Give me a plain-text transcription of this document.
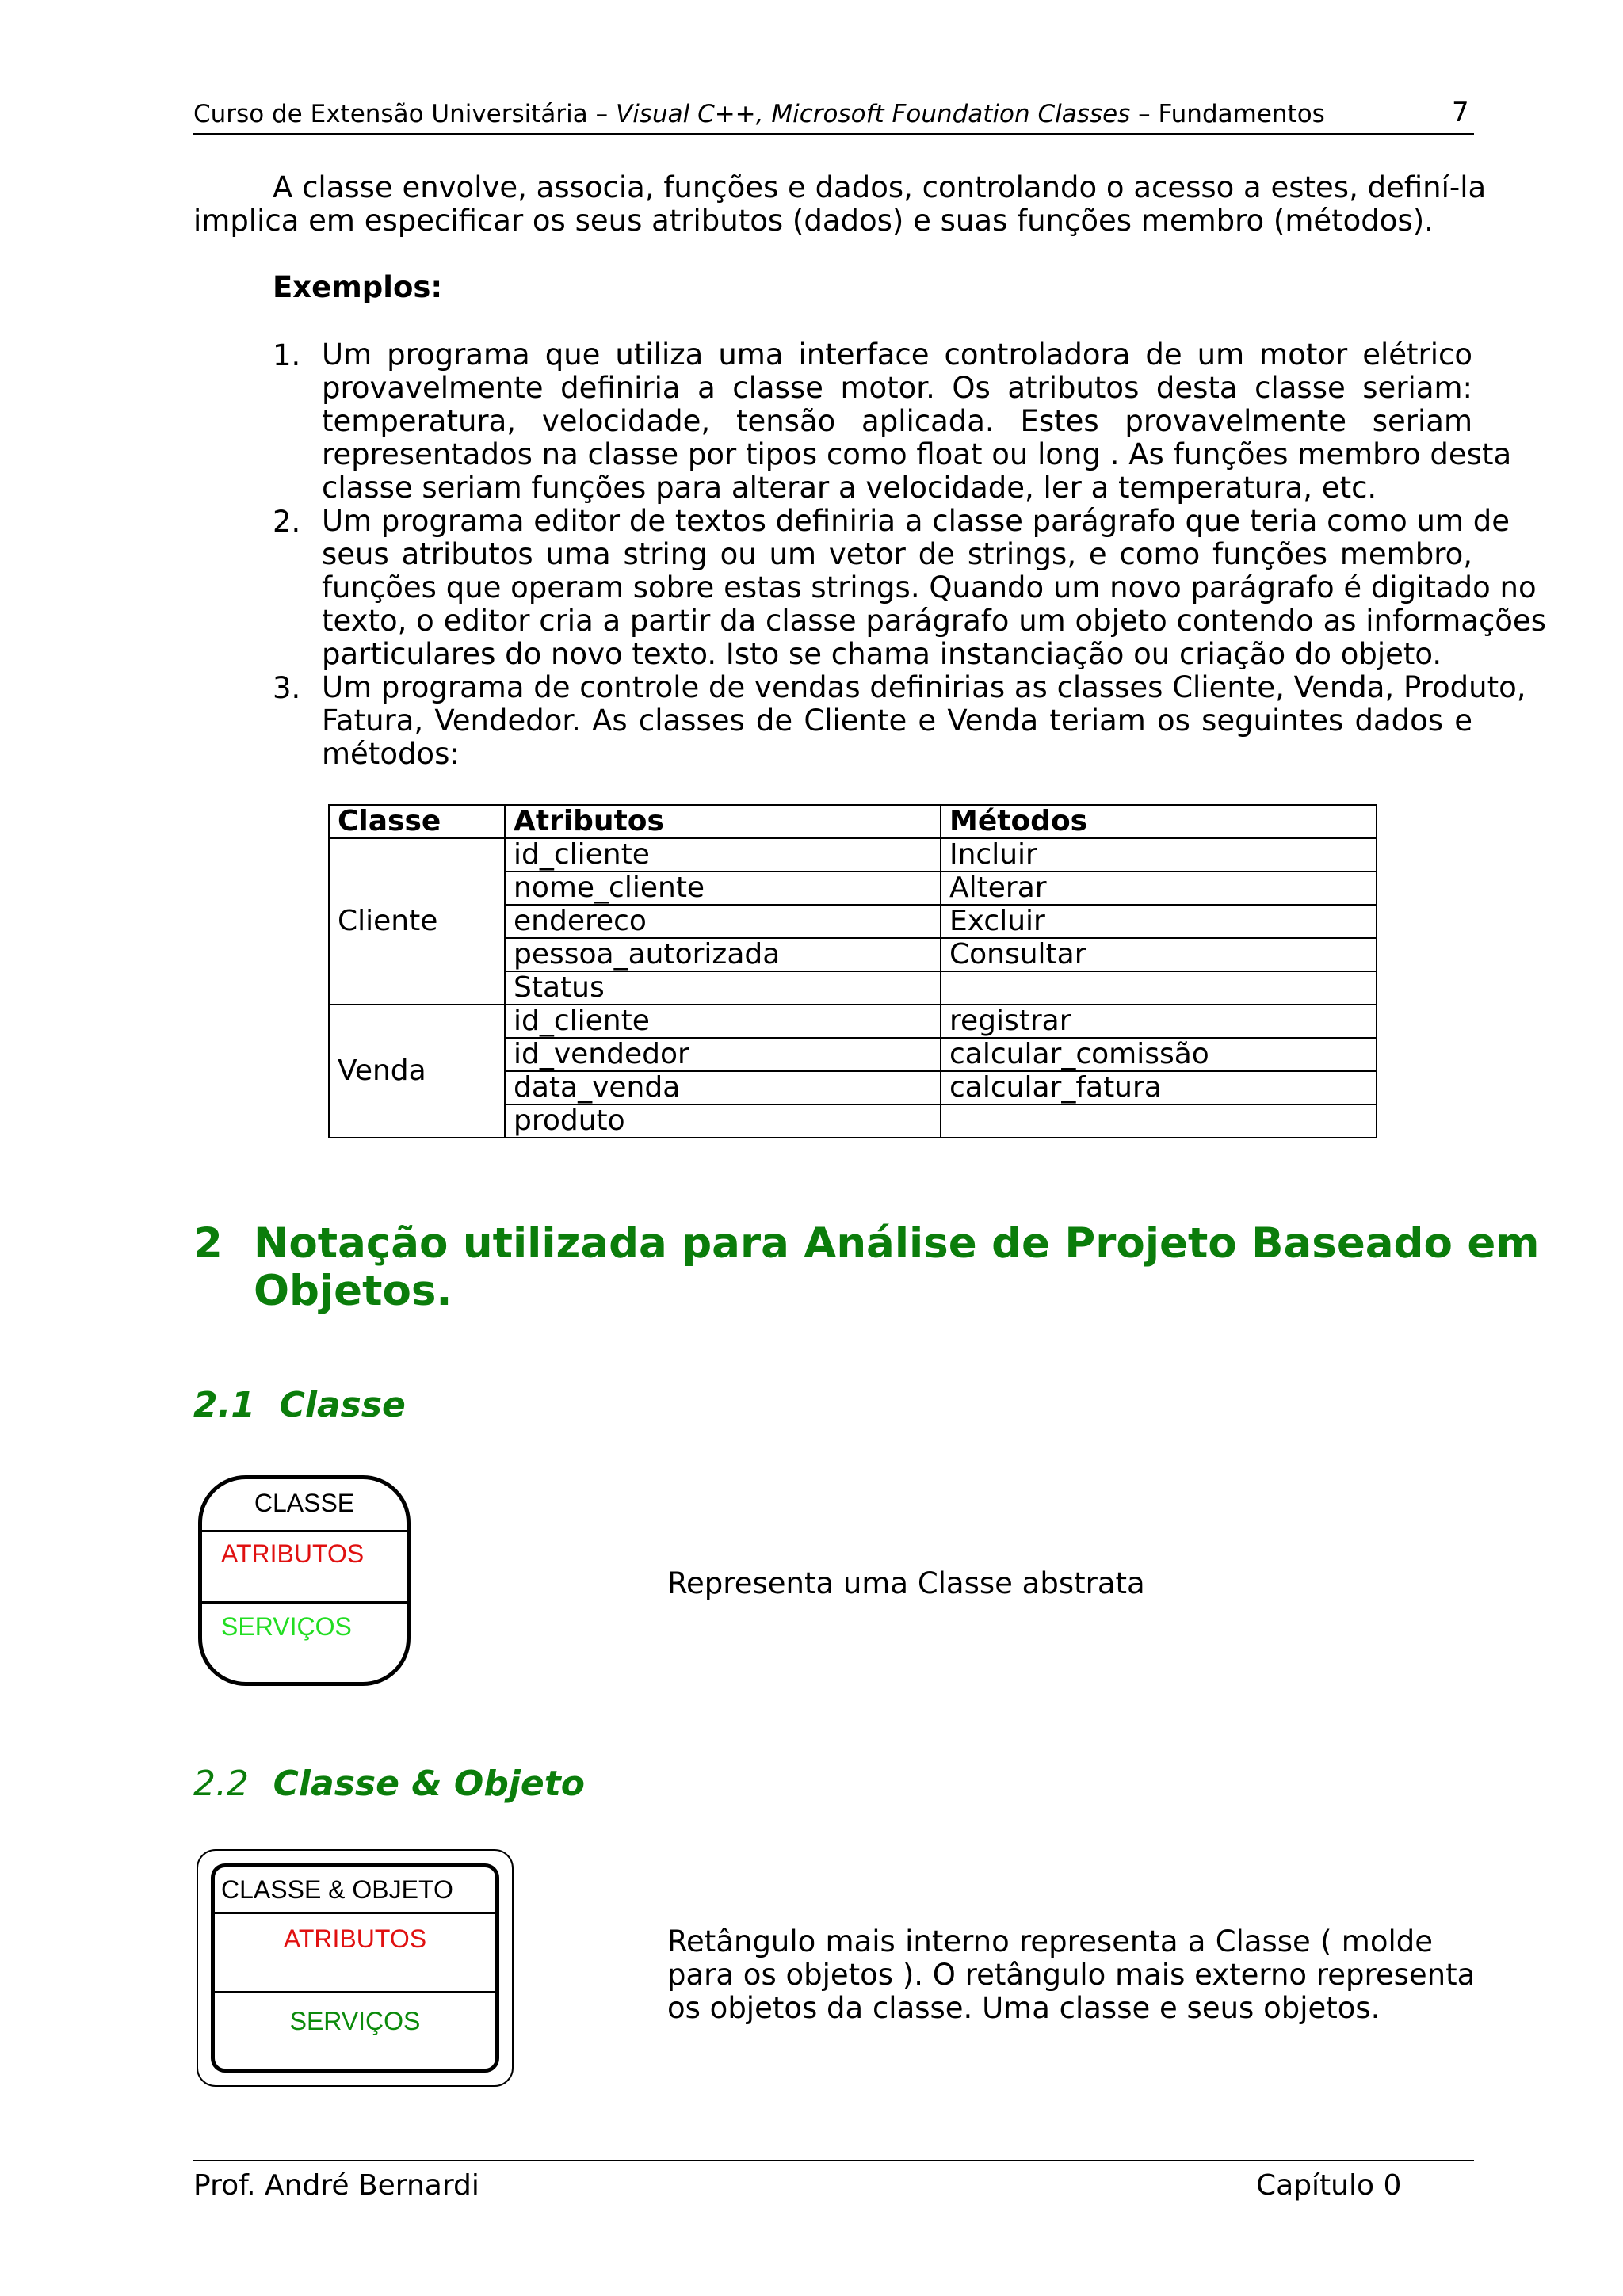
Curso de Extensão Universitária – Visual C++, Microsoft Foundation Classes – Fundamentos	7
A classe envolve, associa, funções e dados, controlando o acesso a estes, definí-la
implica em especificar os seus atributos (dados) e suas funções membro (métodos).
Exemplos:
1. Um programa que utiliza uma interface controladora de um motor elétrico
provavelmente definiria a classe motor. Os atributos desta classe seriam:
temperatura, velocidade, tensão aplicada. Estes provavelmente seriam
representados na classe por tipos como float ou long . As funções membro desta
classe seriam funções para alterar a velocidade, ler a temperatura, etc.
2. Um programa editor de textos definiria a classe parágrafo que teria como um de
seus atributos uma string ou um vetor de strings, e como funções membro,
funções que operam sobre estas strings. Quando um novo parágrafo é digitado no
texto, o editor cria a partir da classe parágrafo um objeto contendo as informações
particulares do novo texto. Isto se chama instanciação ou criação do objeto.
3. Um programa de controle de vendas definirias as classes Cliente, Venda, Produto,
Fatura, Vendedor. As classes de Cliente e Venda teriam os seguintes dados e
métodos:
Classe	Atributos	Métodos
Cliente	id_cliente	Incluir
	nome_cliente	Alterar
	endereco	Excluir
	pessoa_autorizada	Consultar
	Status	
Venda	id_cliente	registrar
	id_vendedor	calcular_comissão
	data_venda	calcular_fatura
	produto	
2 Notação utilizada para Análise de Projeto Baseado em
Objetos.
2.1 Classe
CLASSE
ATRIBUTOS
SERVIÇOS
Representa uma Classe abstrata
2.2 Classe & Objeto
CLASSE & OBJETO
ATRIBUTOS
SERVIÇOS
Retângulo mais interno representa a Classe ( molde
para os objetos ). O retângulo mais externo representa
os objetos da classe. Uma classe e seus objetos.
Prof. André Bernardi	Capítulo 0
